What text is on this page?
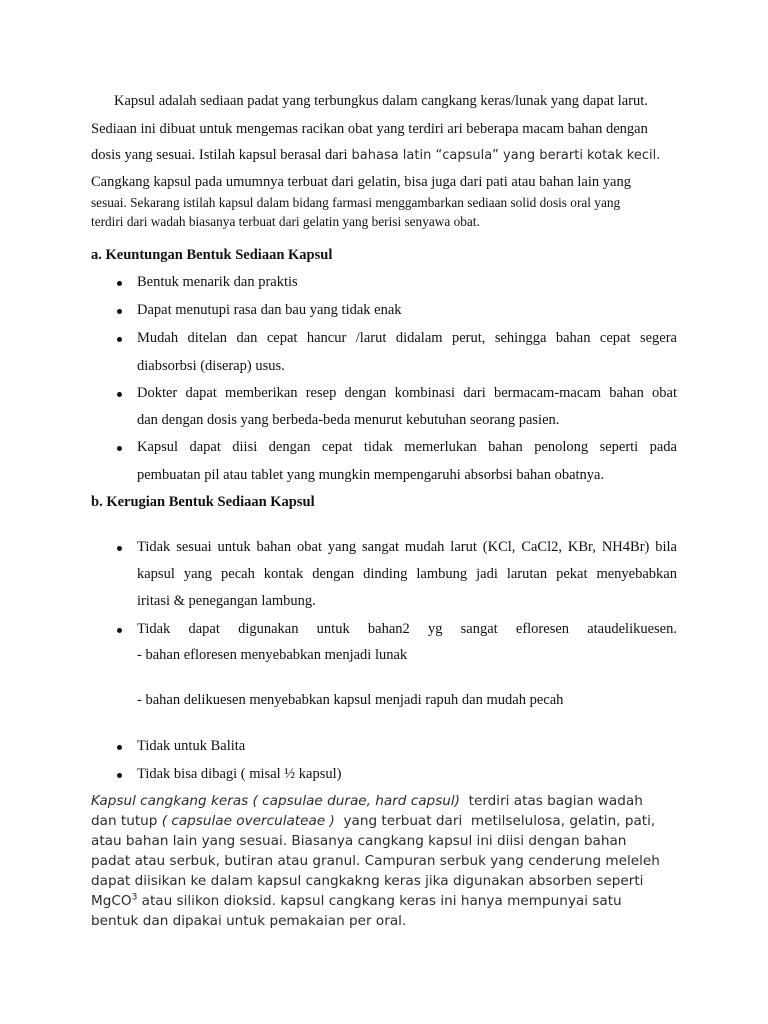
Kapsul adalah sediaan padat yang terbungkus dalam cangkang keras/lunak yang dapat larut.
Sediaan ini dibuat untuk mengemas racikan obat yang terdiri ari beberapa macam bahan dengan
dosis yang sesuai. Istilah kapsul berasal dari bahasa latin “capsula” yang berarti kotak kecil.
Cangkang kapsul pada umumnya terbuat dari gelatin, bisa juga dari pati atau bahan lain yang
sesuai. Sekarang istilah kapsul dalam bidang farmasi menggambarkan sediaan solid dosis oral yang
terdiri dari wadah biasanya terbuat dari gelatin yang berisi senyawa obat.
a. Keuntungan Bentuk Sediaan Kapsul
Bentuk menarik dan praktis
Dapat menutupi rasa dan bau yang tidak enak
Mudah ditelan dan cepat hancur /larut didalam perut, sehingga bahan cepat segera
diabsorbsi (diserap) usus.
Dokter dapat memberikan resep dengan kombinasi dari bermacam-macam bahan obat
dan dengan dosis yang berbeda-beda menurut kebutuhan seorang pasien.
Kapsul dapat diisi dengan cepat tidak memerlukan bahan penolong seperti pada
pembuatan pil atau tablet yang mungkin mempengaruhi absorbsi bahan obatnya.
b. Kerugian Bentuk Sediaan Kapsul
Tidak sesuai untuk bahan obat yang sangat mudah larut (KCl, CaCl2, KBr, NH4Br) bila
kapsul yang pecah kontak dengan dinding lambung jadi larutan pekat menyebabkan
iritasi & penegangan lambung.
Tidak dapat digunakan untuk bahan2 yg sangat efloresen ataudelikuesen.
- bahan efloresen menyebabkan menjadi lunak
- bahan delikuesen menyebabkan kapsul menjadi rapuh dan mudah pecah
Tidak untuk Balita
Tidak bisa dibagi ( misal ½ kapsul)
Kapsul cangkang keras ( capsulae durae, hard capsul)  terdiri atas bagian wadah
dan tutup ( capsulae overculateae )  yang terbuat dari  metilselulosa, gelatin, pati,
atau bahan lain yang sesuai. Biasanya cangkang kapsul ini diisi dengan bahan
padat atau serbuk, butiran atau granul. Campuran serbuk yang cenderung meleleh
dapat diisikan ke dalam kapsul cangkakng keras jika digunakan absorben seperti
MgCO$^3$ atau silikon dioksid. kapsul cangkang keras ini hanya mempunyai satu
bentuk dan dipakai untuk pemakaian per oral.
